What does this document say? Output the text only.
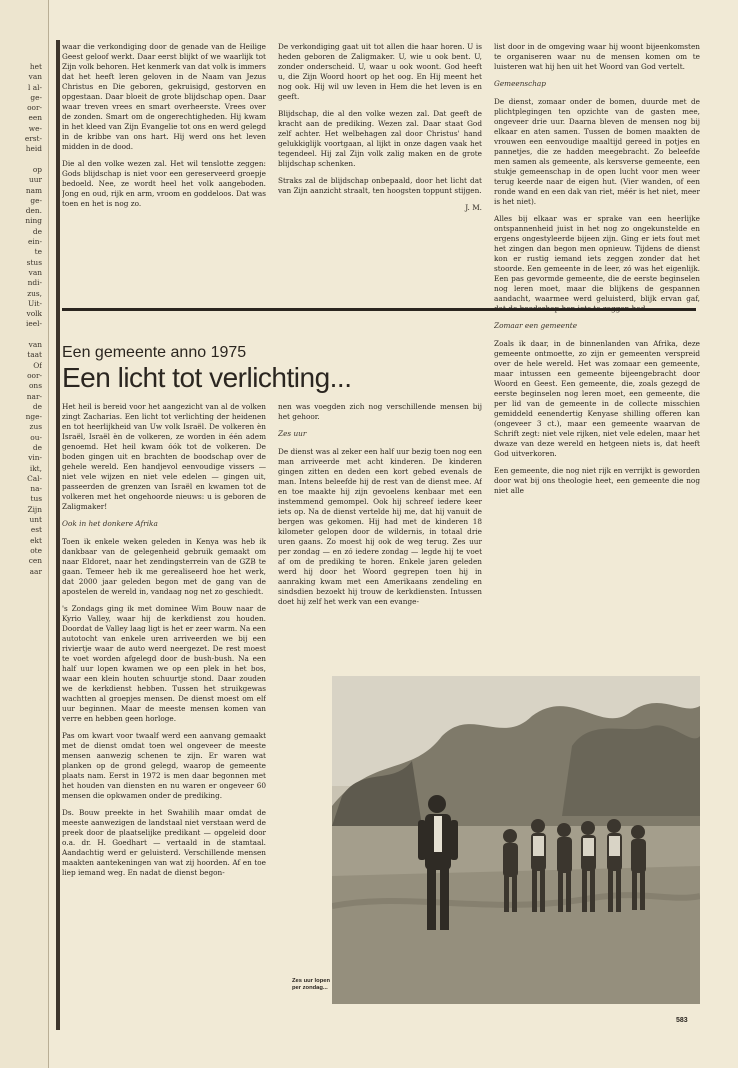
het
van
l al-
ge-
oor-
een
we-
erst-
heid
op
uur
nam
ge-
den.
ning
de
ein-
te
stus
van
ndi-
zus,
Uit-
volk
ieel-
van
taat
Of
oor-
ons
nar-
de
nge-
zus
ou-
de
vin-
ikt,
Cal-
na-
tus
Zijn
unt
est
ekt
ote
cen
aar

waar die verkondiging door de genade van de Heilige Geest geloof werkt. Daar eerst blijkt of we waarlijk tot Zijn volk behoren. Het kenmerk van dat volk is immers dat het heeft leren geloven in de Naam van Jezus Christus en Die geboren, gekruisigd, gestorven en opgestaan. Daar bloeit de grote blijdschap open. Daar waar treven vrees en smart overheerste. Vrees over de zonden. Smart om de ongerechtigheden. Hij kwam in het kleed van Zijn Evangelie tot ons en werd gelegd in de kribbe van ons hart. Hij werd ons het leven midden in de dood.

Die al den volke wezen zal. Het wil tenslotte zeggen: Gods blijdschap is niet voor een gereserveerd groepje bedoeld. Nee, ze wordt heel het volk aangeboden. Jong en oud, rijk en arm, vroom en goddeloos. Dat was toen en het is nog zo.

De verkondiging gaat uit tot allen die haar horen. U is heden geboren de Zaligmaker. U, wie u ook bent. U, zonder onderscheid. U, waar u ook woont. God heeft u, die Zijn Woord hoort op het oog. En Hij meent het nog ook. Hij wil uw leven in Hem die het leven is en geeft.

Blijdschap, die al den volke wezen zal. Dat geeft de kracht aan de prediking. Wezen zal. Daar staat God zelf achter. Het welbehagen zal door Christus' hand gelukkiglijk voortgaan, al lijkt in onze dagen vaak het tegendeel. Hij zal Zijn volk zalig maken en de grote blijdschap schenken.

Straks zal de blijdschap onbepaald, door het licht dat van Zijn aanzicht straalt, ten hoogsten toppunt stijgen.

J. M.

list door in de omgeving waar hij woont bijeenkomsten te organiseren waar nu de mensen komen om te luisteren wat hij hen uit het Woord van God vertelt.

Gemeenschap

De dienst, zomaar onder de bomen, duurde met de plichtplegingen ten opzichte van de gasten mee, ongeveer drie uur. Daarna bleven de mensen nog bij elkaar en aten samen. Tussen de bomen maakten de vrouwen een eenvoudige maaltijd gereed in potjes en pannetjes, die ze hadden meegebracht. Zo beleefde men samen als gemeente, als kersverse gemeente, een stukje gemeenschap in de open lucht voor men weer terug keerde naar de eigen hut. (Vier wanden, of een ronde wand en een dak van riet, méér is het niet, meer is het niet).

Alles bij elkaar was er sprake van een heerlijke ontspannenheid juist in het nog zo ongekunstelde en ergens ongestyleerde bijeen zijn. Ging er iets fout met het zingen dan begon men opnieuw. Tijdens de dienst kon er rustig iemand iets zeggen zonder dat het stoorde. Een gemeente in de leer, zó was het eigenlijk. Een pas gevormde gemeente, die de eerste beginselen nog leren moet, maar die blijkens de gespannen aandacht, waarmee werd geluisterd, blijk ervan gaf,

Zomaar een gemeente

Zoals ik daar, in de binnenlanden van Afrika, deze gemeente ontmoette, zo zijn er gemeenten verspreid over de hele wereld. Het was zomaar een gemeente, maar intussen een gemeente bijeengebracht door Woord en Geest. Een gemeente, die, zoals gezegd de eerste beginselen nog leren moet, een gemeente, die per lid van de gemeente in de collecte misschien gemiddeld eenendertig Kenyase shilling offeren kan (ongeveer 3 ct.), maar een gemeente waarvan de Schrift zegt: niet vele rijken, niet vele edelen, maar het dwaze van deze wereld en hetgeen niets is, dat heeft God uitverkoren.

Een gemeente, die nog niet rijk en verrijkt is geworden door wat bij ons theologie heet, een gemeente die nog niet alle

Een gemeente anno 1975
Een licht tot verlichting...

Het heil is bereid voor het aangezicht van al de volken zingt Zacharias. Een licht tot verlichting der heidenen en tot heerlijkheid van Uw volk Israël. De volkeren èn Israël, Israël èn de volkeren, ze worden in één adem genoemd. Het heil kwam óók tot de volkeren. De boden gingen uit en brachten de boodschap over de gehele wereld. Een handjevol eenvoudige vissers — niet vele wijzen en niet vele edelen — gingen uit, passeerden de grenzen van Israël en kwamen tot de volkeren met het ongehoorde nieuws: u is geboren de Zaligmaker!

Ook in het donkere Afrika

Toen ik enkele weken geleden in Kenya was heb ik dankbaar van de gelegenheid gebruik gemaakt om naar Eldoret, naar het zendingsterrein van de GZB te gaan. Temeer heb ik me gerealiseerd hoe het werk, dat 2000 jaar geleden begon met de gang van de apostelen de wereld in, vandaag nog net zo geschiedt.

's Zondags ging ik met dominee Wim Bouw naar de Kyrio Valley, waar hij de kerkdienst zou houden. Doordat de Valley laag ligt is het er zeer warm. Na een autotocht van enkele uren arriveerden we bij een riviertje waar de auto werd neergezet. De rest moest te voet worden afgelegd door de bush-bush. Na een half uur lopen kwamen we op een plek in het bos, waar een klein houten schuurtje stond. Daar zouden we de kerkdienst hebben. Tussen het struikgewas wachtten al groepjes mensen. De dienst moest om elf uur beginnen. Maar de meeste mensen komen van verre en hebben geen horloge.

Pas om kwart voor twaalf werd een aanvang gemaakt met de dienst omdat toen wel ongeveer de meeste mensen aanwezig schenen te zijn. Er waren wat planken op de grond gelegd, waarop de gemeente plaats nam. Eerst in 1972 is men daar begonnen met het houden van diensten en nu waren er ongeveer 60 mensen die opkwamen onder de prediking.

Ds. Bouw preekte in het Swahilih maar omdat de meeste aanwezigen de landstaal niet verstaan werd de preek door de plaatselijke predikant — opgeleid door o.a. dr. H. Goedhart — vertaald in de stamtaal. Aandachtig werd er geluisterd. Verschillende mensen maakten aantekeningen van wat zij hoorden. Af en toe liep iemand weg. En nadat de dienst begon-

nen was voegden zich nog verschillende mensen bij het gehoor.

Zes uur

De dienst was al zeker een half uur bezig toen nog een man arriveerde met acht kinderen. De kinderen gingen zitten en deden een kort gebed evenals de man. Intens beleefde hij de rest van de dienst mee. Af en toe maakte hij zijn gevoelens kenbaar met een instemmend gemompel. Ook hij schreef iedere keer iets op. Na de dienst vertelde hij me, dat hij vanuit de bergen was gekomen. Hij had met de kinderen 18 kilometer gelopen door de wildernis, in totaal drie uren gaans. Zo moest hij ook de weg terug. Zes uur per zondag — en zó iedere zondag — legde hij te voet af om de prediking te horen. Enkele jaren geleden werd hij door het Woord gegrepen toen hij in aanraking kwam met een Amerikaans zendeling en sindsdien bezoekt hij trouw de kerkdiensten. Intussen doet hij zelf het werk van een evange-

Zes uur lopen per zondag...
583
